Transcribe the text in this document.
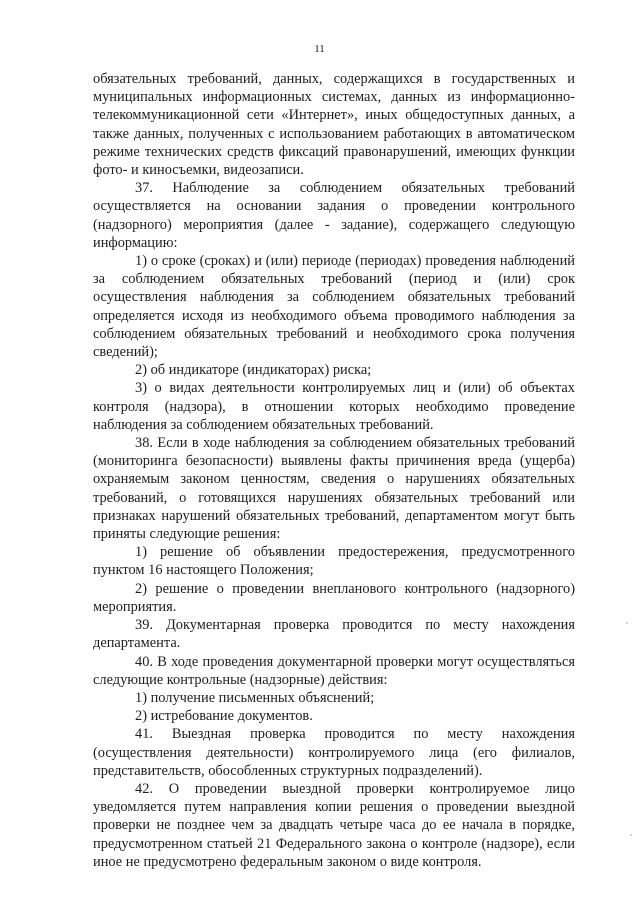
11

обязательных требований, данных, содержащихся в государственных и муниципальных информационных системах, данных из информационно-телекоммуникационной сети «Интернет», иных общедоступных данных, а также данных, полученных с использованием работающих в автоматическом режиме технических средств фиксаций правонарушений, имеющих функции фото- и киносъемки, видеозаписи.

37. Наблюдение за соблюдением обязательных требований осуществляется на основании задания о проведении контрольного (надзорного) мероприятия (далее - задание), содержащего следующую информацию:

1) о сроке (сроках) и (или) периоде (периодах) проведения наблюдений за соблюдением обязательных требований (период и (или) срок осуществления наблюдения за соблюдением обязательных требований определяется исходя из необходимого объема проводимого наблюдения за соблюдением обязательных требований и необходимого срока получения сведений);

2) об индикаторе (индикаторах) риска;

3) о видах деятельности контролируемых лиц и (или) об объектах контроля (надзора), в отношении которых необходимо проведение наблюдения за соблюдением обязательных требований.

38. Если в ходе наблюдения за соблюдением обязательных требований (мониторинга безопасности) выявлены факты причинения вреда (ущерба) охраняемым законом ценностям, сведения о нарушениях обязательных требований, о готовящихся нарушениях обязательных требований или признаках нарушений обязательных требований, департаментом могут быть приняты следующие решения:

1) решение об объявлении предостережения, предусмотренного пунктом 16 настоящего Положения;

2) решение о проведении внепланового контрольного (надзорного) мероприятия.

39. Документарная проверка проводится по месту нахождения департамента.

40. В ходе проведения документарной проверки могут осуществляться следующие контрольные (надзорные) действия:

1) получение письменных объяснений;

2) истребование документов.

41. Выездная проверка проводится по месту нахождения (осуществления деятельности) контролируемого лица (его филиалов, представительств, обособленных структурных подразделений).

42. О проведении выездной проверки контролируемое лицо уведомляется путем направления копии решения о проведении выездной проверки не позднее чем за двадцать четыре часа до ее начала в порядке, предусмотренном статьей 21 Федерального закона о контроле (надзоре), если иное не предусмотрено федеральным законом о виде контроля.
